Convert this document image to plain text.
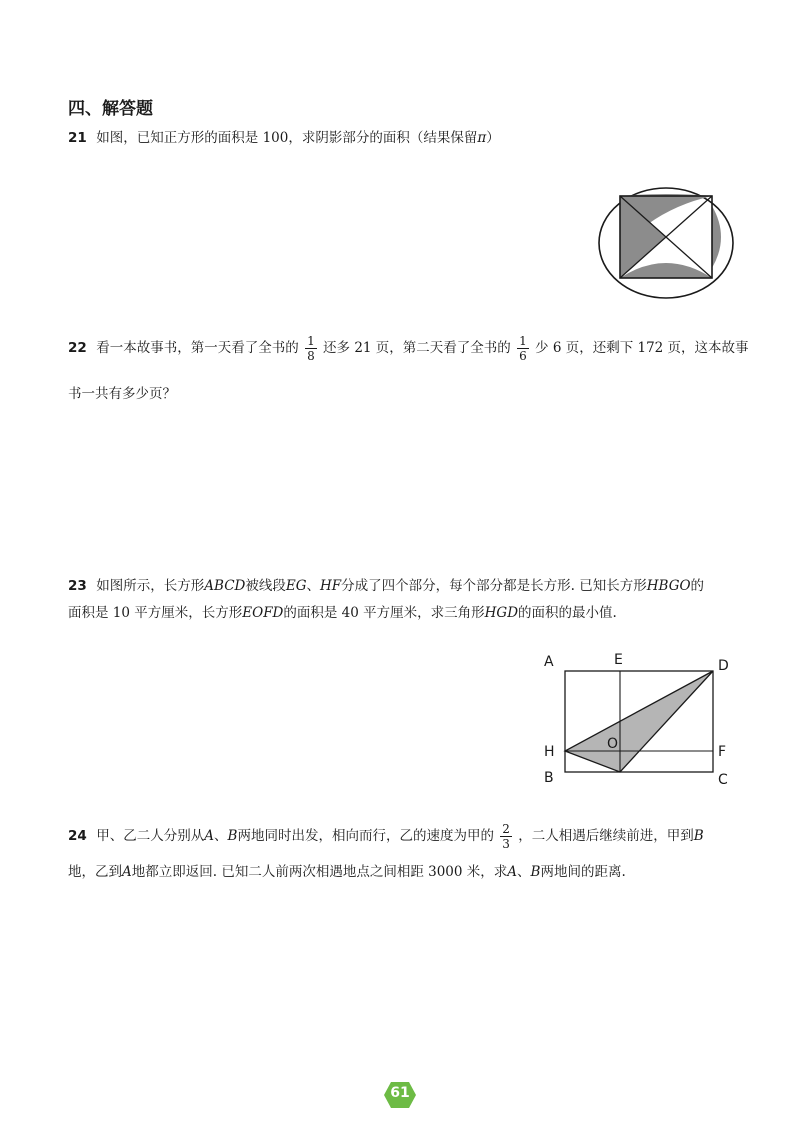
四、解答题
21 如图，已知正方形的面积是 100，求阴影部分的面积（结果保留π）
22 看一本故事书，第一天看了全书的 $\frac{1}{8}$ 还多 21 页，第二天看了全书的 $\frac{1}{6}$ 少 6 页，还剩下 172 页，这本故事
书一共有多少页？
23 如图所示，长方形ABCD被线段EG、HF分成了四个部分，每个部分都是长方形. 已知长方形HBGO的
面积是 10 平方厘米，长方形EOFD的面积是 40 平方厘米，求三角形HGD的面积的最小值.
A	E	D
H	O	F
B	C
24 甲、乙二人分别从A、B两地同时出发，相向而行，乙的速度为甲的 $\frac{2}{3}$ ，二人相遇后继续前进，甲到B
地，乙到A地都立即返回. 已知二人前两次相遇地点之间相距 3000 米，求A、B两地间的距离.
61
